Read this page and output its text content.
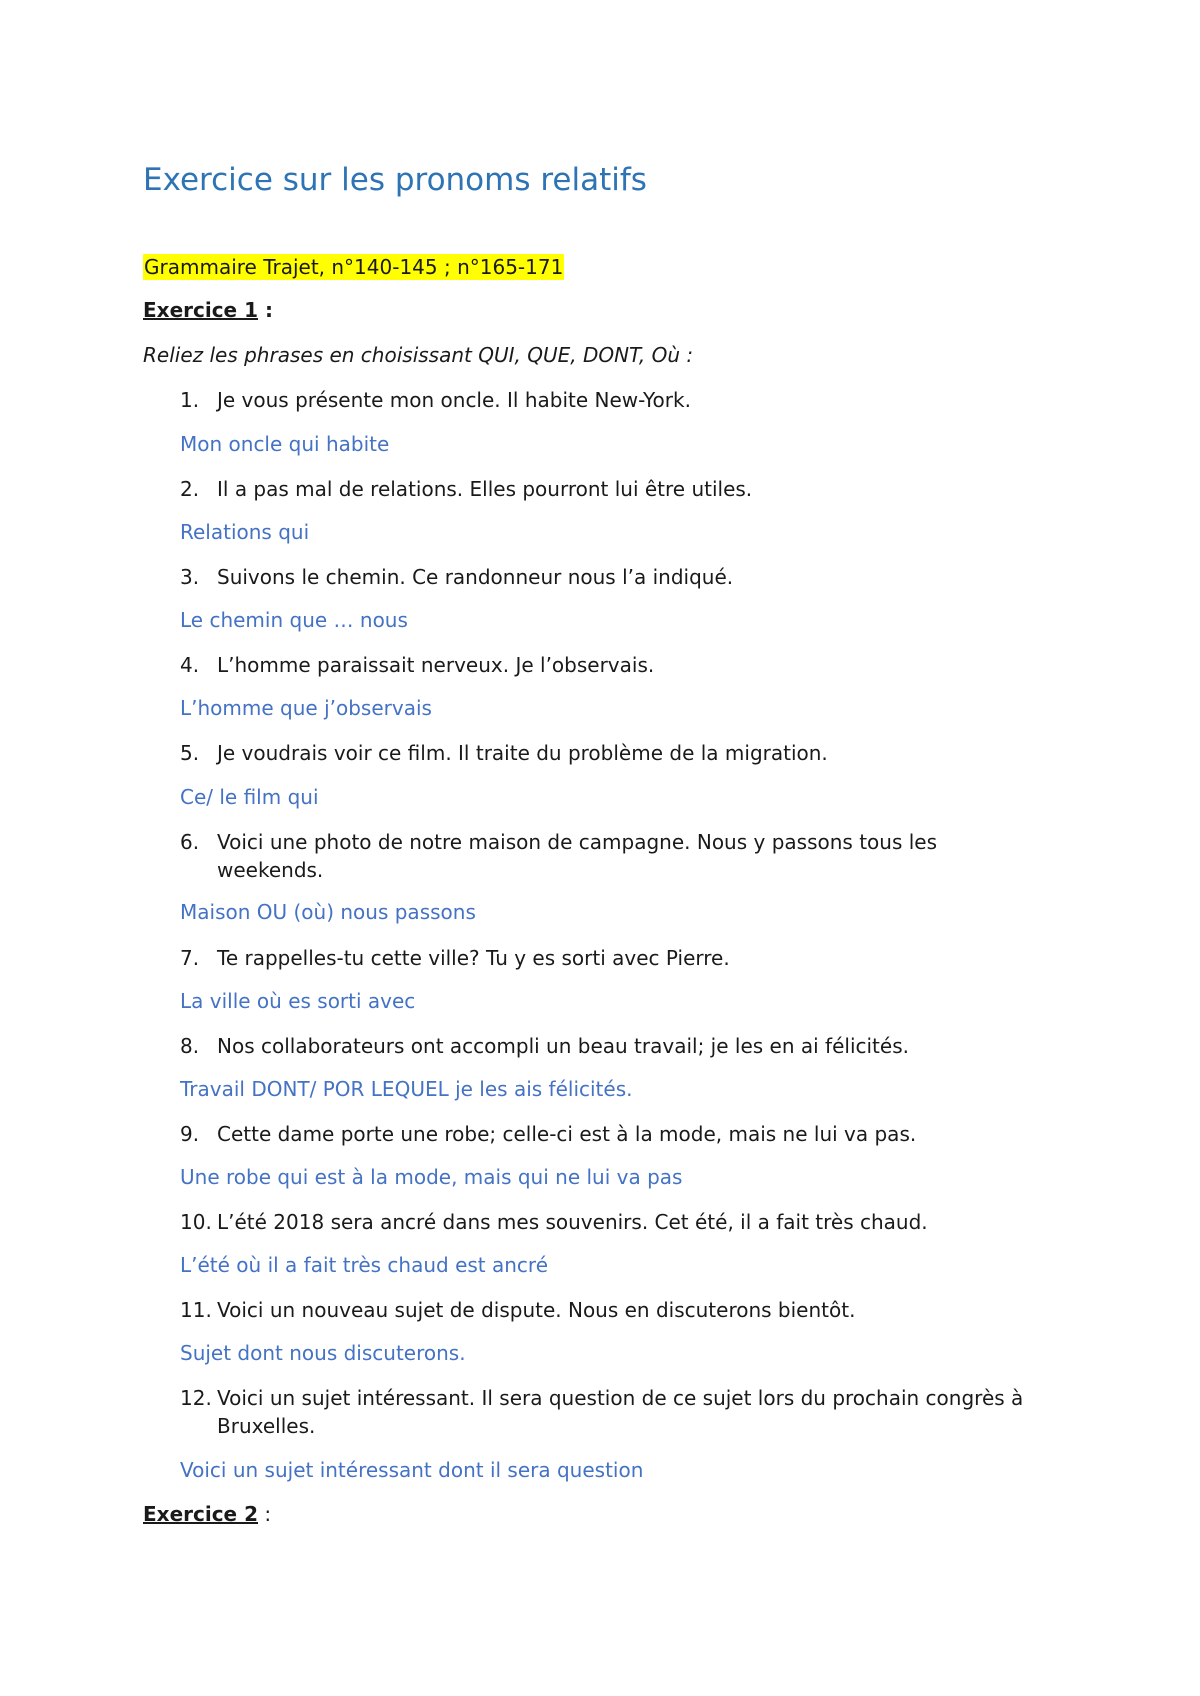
Exercice sur les pronoms relatifs
Grammaire Trajet, n°140-145 ; n°165-171
Exercice 1 :
Reliez les phrases en choisissant QUI, QUE, DONT, Où :
1. Je vous présente mon oncle. Il habite New-York.
Mon oncle qui habite
2. Il a pas mal de relations. Elles pourront lui être utiles.
Relations qui
3. Suivons le chemin. Ce randonneur nous l’a indiqué.
Le chemin que … nous
4. L’homme paraissait nerveux. Je l’observais.
L’homme que j’observais
5. Je voudrais voir ce film. Il traite du problème de la migration.
Ce/ le film qui
6. Voici une photo de notre maison de campagne. Nous y passons tous les weekends.
Maison OU (où) nous passons
7. Te rappelles-tu cette ville? Tu y es sorti avec Pierre.
La ville où es sorti avec
8. Nos collaborateurs ont accompli un beau travail; je les en ai félicités.
Travail DONT/ POR LEQUEL je les ais félicités.
9. Cette dame porte une robe; celle-ci est à la mode, mais ne lui va pas.
Une robe qui est à la mode, mais qui ne lui va pas
10. L’été 2018 sera ancré dans mes souvenirs. Cet été, il a fait très chaud.
L’été où il a fait très chaud est ancré
11. Voici un nouveau sujet de dispute. Nous en discuterons bientôt.
Sujet dont nous discuterons.
12. Voici un sujet intéressant. Il sera question de ce sujet lors du prochain congrès à Bruxelles.
Voici un sujet intéressant dont il sera question
Exercice 2 :
